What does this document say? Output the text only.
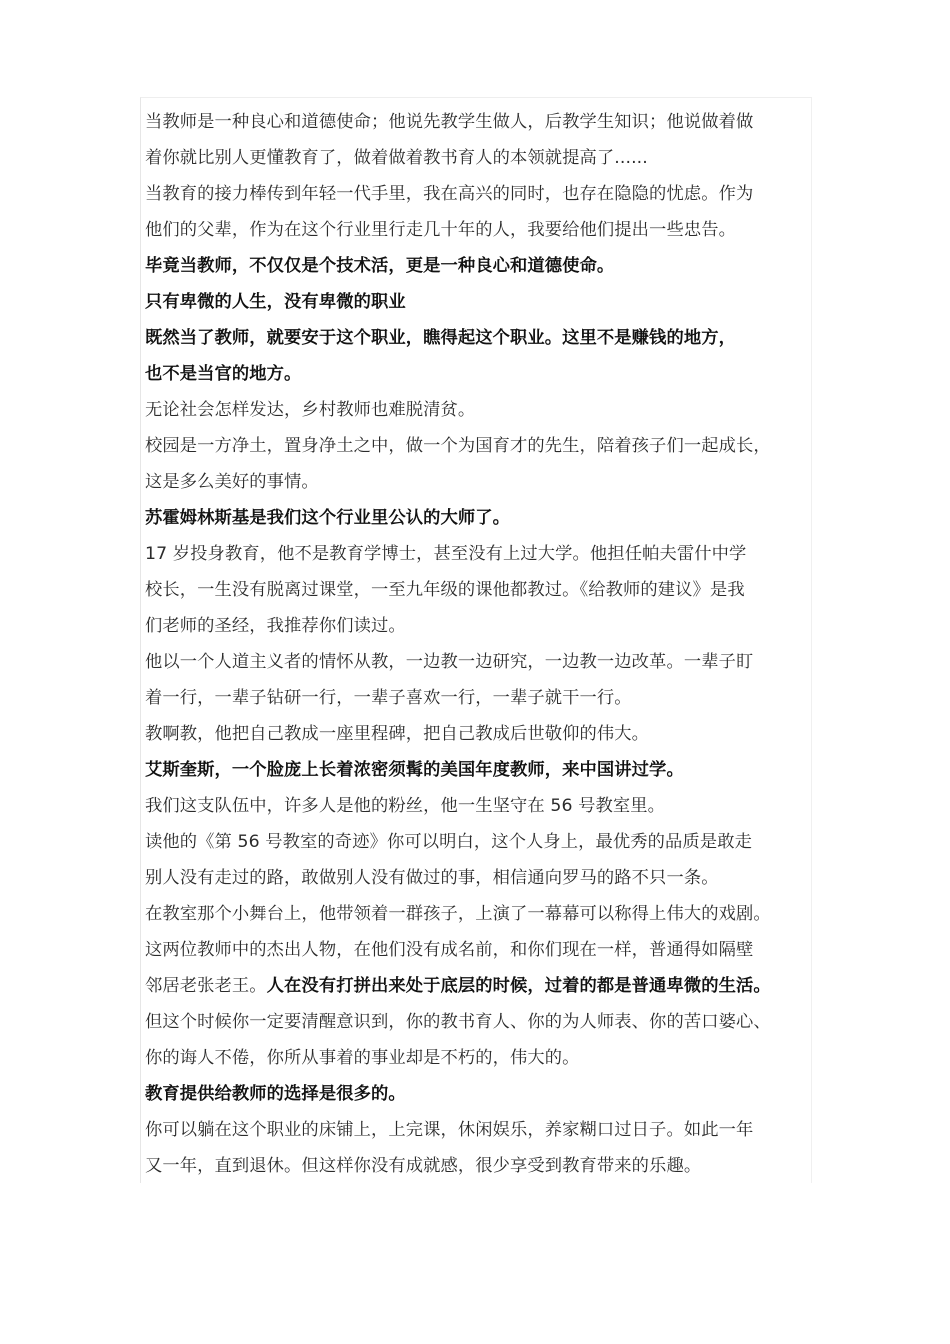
当教师是一种良心和道德使命；他说先教学生做人，后教学生知识；他说做着做
着你就比别人更懂教育了，做着做着教书育人的本领就提高了......
当教育的接力棒传到年轻一代手里，我在高兴的同时，也存在隐隐的忧虑。作为
他们的父辈，作为在这个行业里行走几十年的人，我要给他们提出一些忠告。
毕竟当教师，不仅仅是个技术活，更是一种良心和道德使命。
只有卑微的人生，没有卑微的职业
既然当了教师，就要安于这个职业，瞧得起这个职业。这里不是赚钱的地方，
也不是当官的地方。
无论社会怎样发达，乡村教师也难脱清贫。
校园是一方净土，置身净土之中，做一个为国育才的先生，陪着孩子们一起成长，
这是多么美好的事情。
苏霍姆林斯基是我们这个行业里公认的大师了。
17 岁投身教育，他不是教育学博士，甚至没有上过大学。他担任帕夫雷什中学
校长，一生没有脱离过课堂，一至九年级的课他都教过。《给教师的建议》是我
们老师的圣经，我推荐你们读过。
他以一个人道主义者的情怀从教，一边教一边研究，一边教一边改革。一辈子盯
着一行，一辈子钻研一行，一辈子喜欢一行，一辈子就干一行。
教啊教，他把自己教成一座里程碑，把自己教成后世敬仰的伟大。
艾斯奎斯，一个脸庞上长着浓密须髯的美国年度教师，来中国讲过学。
我们这支队伍中，许多人是他的粉丝，他一生坚守在 56 号教室里。
读他的《第 56 号教室的奇迹》你可以明白，这个人身上，最优秀的品质是敢走
别人没有走过的路，敢做别人没有做过的事，相信通向罗马的路不只一条。
在教室那个小舞台上，他带领着一群孩子，上演了一幕幕可以称得上伟大的戏剧。
这两位教师中的杰出人物，在他们没有成名前，和你们现在一样，普通得如隔壁
邻居老张老王。人在没有打拼出来处于底层的时候，过着的都是普通卑微的生活。
但这个时候你一定要清醒意识到，你的教书育人、你的为人师表、你的苦口婆心、
你的诲人不倦，你所从事着的事业却是不朽的，伟大的。
教育提供给教师的选择是很多的。
你可以躺在这个职业的床铺上，上完课，休闲娱乐，养家糊口过日子。如此一年
又一年，直到退休。但这样你没有成就感，很少享受到教育带来的乐趣。
